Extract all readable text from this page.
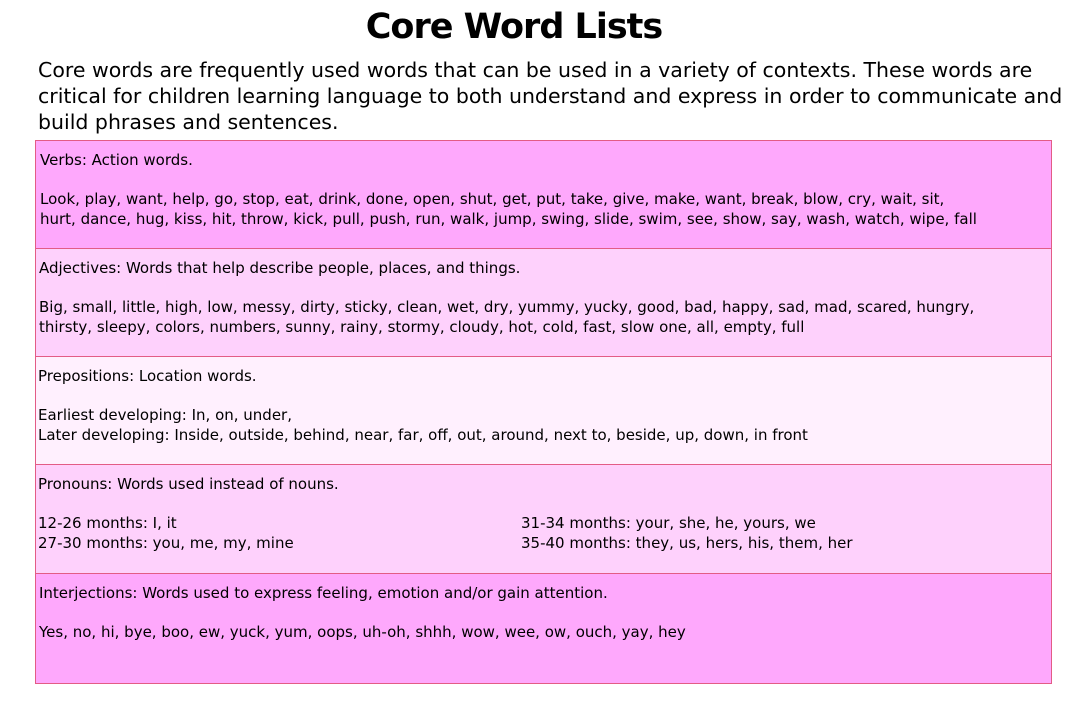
Core Word Lists

Core words are frequently used words that can be used in a variety of contexts. These words are critical for children learning language to both understand and express in order to communicate and build phrases and sentences.

Verbs: Action words.

Look, play, want, help, go, stop, eat, drink, done, open, shut, get, put, take, give, make, want, break, blow, cry, wait, sit,

hurt, dance, hug, kiss, hit, throw, kick, pull, push, run, walk, jump, swing, slide, swim, see, show, say, wash, watch, wipe, fall

Adjectives: Words that help describe people, places, and things.

Big, small, little, high, low, messy, dirty, sticky, clean, wet, dry, yummy, yucky, good, bad, happy, sad, mad, scared, hungry,

thirsty, sleepy, colors, numbers, sunny, rainy, stormy, cloudy, hot, cold, fast, slow one, all, empty, full

Prepositions: Location words.

Earliest developing: In, on, under,

Later developing: Inside, outside, behind, near, far, off, out, around, next to, beside, up, down, in front

Pronouns: Words used instead of nouns.

12-26 months: I, it

27-30 months: you, me, my, mine

31-34 months: your, she, he, yours, we

35-40 months: they, us, hers, his, them, her

Interjections: Words used to express feeling, emotion and/or gain attention.

Yes, no, hi, bye, boo, ew, yuck, yum, oops, uh-oh, shhh, wow, wee, ow, ouch, yay, hey
